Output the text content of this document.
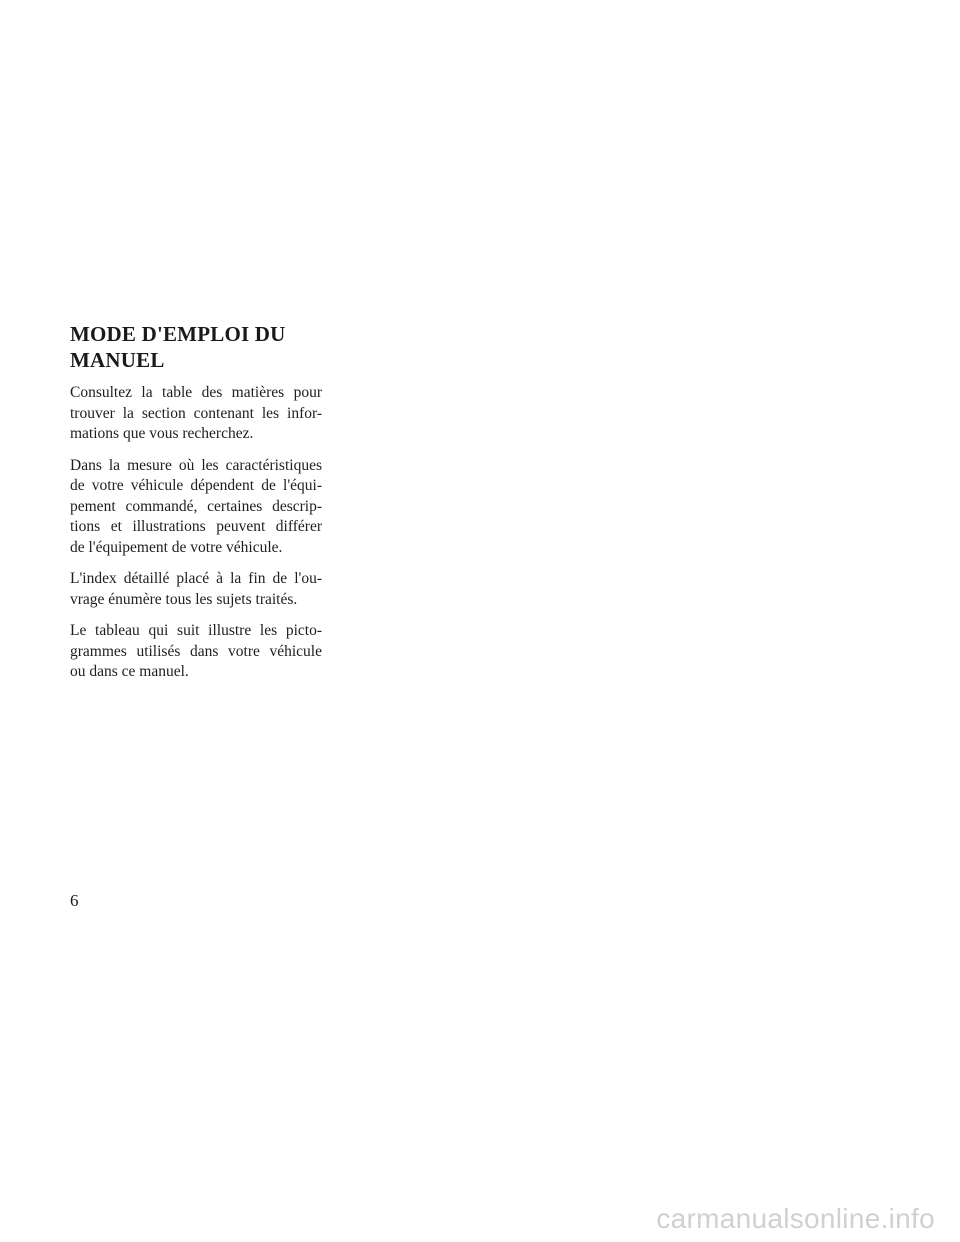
MODE D'EMPLOI DU
MANUEL

Consultez la table des matières pour
trouver la section contenant les infor-
mations que vous recherchez.

Dans la mesure où les caractéristiques
de votre véhicule dépendent de l'équi-
pement commandé, certaines descrip-
tions et illustrations peuvent différer
de l'équipement de votre véhicule.

L'index détaillé placé à la fin de l'ou-
vrage énumère tous les sujets traités.

Le tableau qui suit illustre les picto-
grammes utilisés dans votre véhicule
ou dans ce manuel.

6
carmanualsonline.info
